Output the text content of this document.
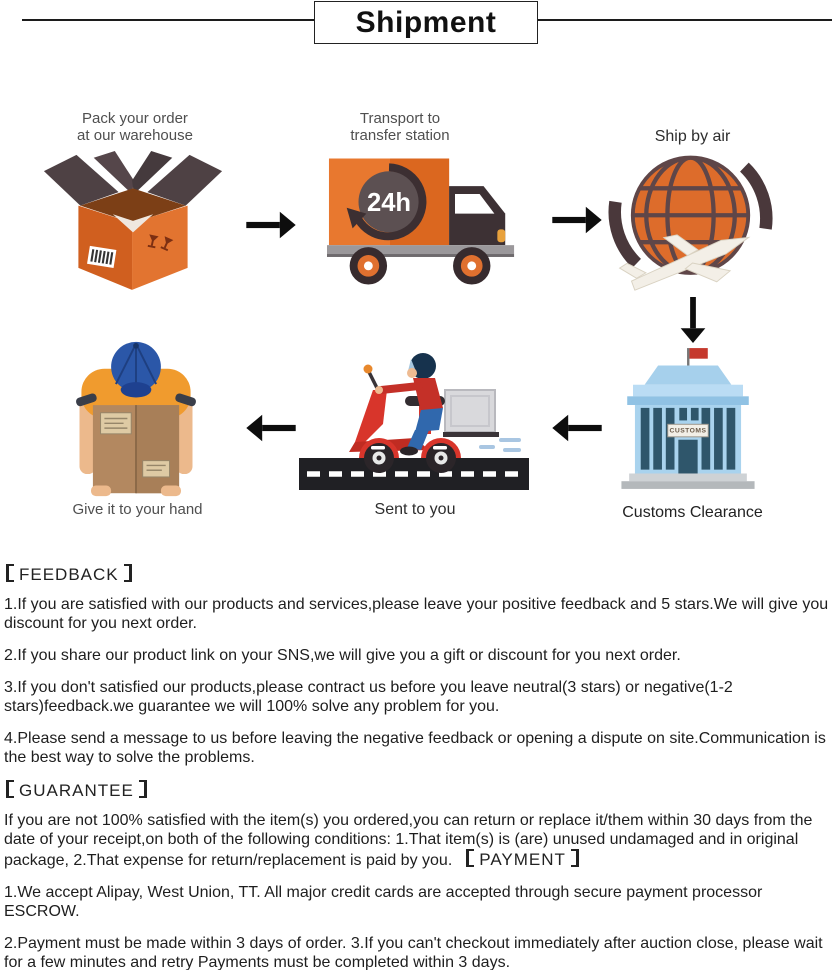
Shipment
Pack your order
at our warehouse
Transport to
transfer station
24h
Ship by air
CUSTOMS
Customs Clearance
Sent to you
Give it to your hand
FEEDBACK

1.If you are satisfied with our products and services,please leave your positive feedback and 5 stars.We will give you discount for you next order.

2.If you share our product link on your SNS,we will give you a gift or discount for you next order.

3.If you don't satisfied our products,please contract us before you leave neutral(3 stars) or negative(1-2 stars)feedback.we guarantee we will 100% solve any problem for you.

4.Please send a message to us before leaving the negative feedback or opening a dispute on site.Communication is the best way to solve the problems.

GUARANTEE

If you are not 100% satisfied with the item(s) you ordered,you can return or replace it/them within 30 days from the date of your receipt,on both of the following conditions: 1.That item(s) is (are) unused undamaged and in original package, 2.That expense for return/replacement is paid by you. PAYMENT

1.We accept Alipay, West Union, TT. All major credit cards are accepted through secure payment processor ESCROW.

2.Payment must be made within 3 days of order. 3.If you can't checkout immediately after auction close, please wait for a few minutes and retry Payments must be completed within 3 days.
